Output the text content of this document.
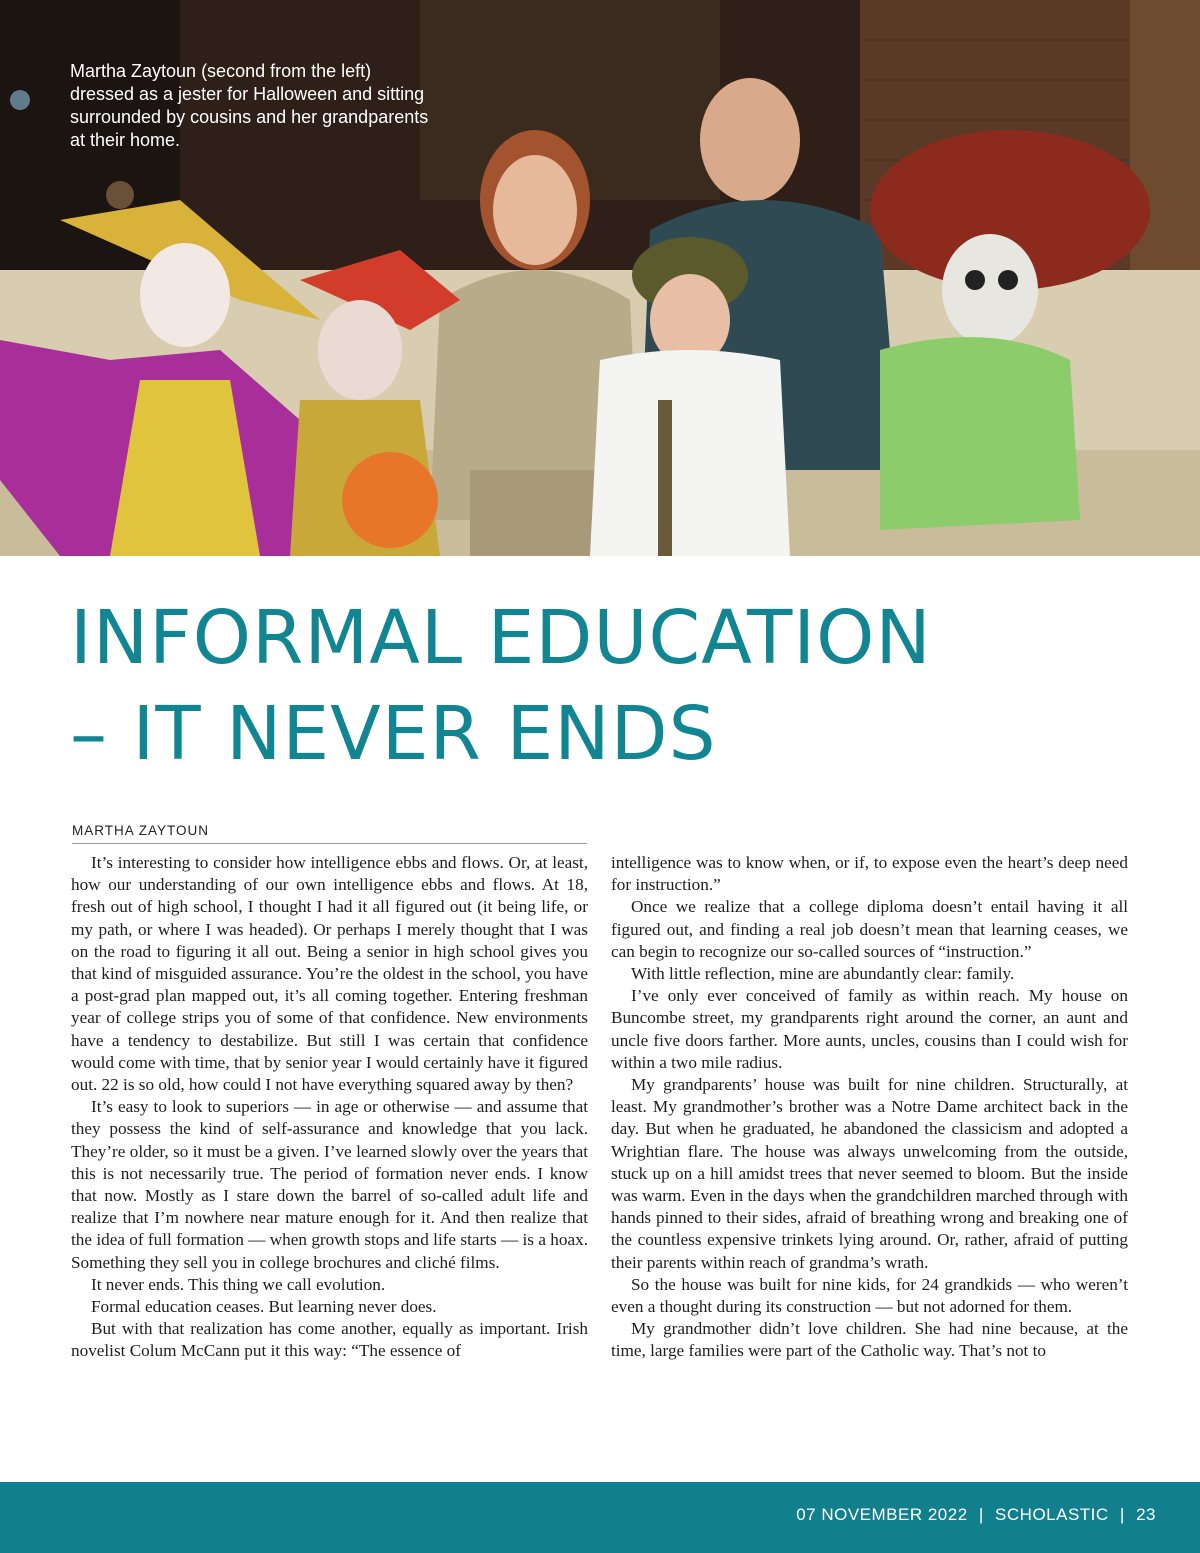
Martha Zaytoun (second from the left) dressed as a jester for Halloween and sitting surrounded by cousins and her grandparents at their home.

INFORMAL EDUCATION
– IT NEVER ENDS
MARTHA ZAYTOUN

It’s interesting to consider how intelligence ebbs and flows. Or, at least, how our understanding of our own intelligence ebbs and flows. At 18, fresh out of high school, I thought I had it all figured out (it being life, or my path, or where I was headed). Or perhaps I merely thought that I was on the road to figuring it all out. Being a senior in high school gives you that kind of misguided assurance. You’re the oldest in the school, you have a post-grad plan mapped out, it’s all coming together. Entering freshman year of college strips you of some of that confidence. New environments have a tendency to destabilize. But still I was certain that confidence would come with time, that by senior year I would certainly have it figured out. 22 is so old, how could I not have everything squared away by then?

It’s easy to look to superiors — in age or otherwise — and assume that they possess the kind of self-assurance and knowledge that you lack. They’re older, so it must be a given. I’ve learned slowly over the years that this is not necessarily true. The period of formation never ends. I know that now. Mostly as I stare down the barrel of so-called adult life and realize that I’m nowhere near mature enough for it. And then realize that the idea of full formation — when growth stops and life starts — is a hoax. Something they sell you in college brochures and cliché films.

It never ends. This thing we call evolution.

Formal education ceases. But learning never does.

But with that realization has come another, equally as important. Irish novelist Colum McCann put it this way: “The essence of

intelligence was to know when, or if, to expose even the heart’s deep need for instruction.”

Once we realize that a college diploma doesn’t entail having it all figured out, and finding a real job doesn’t mean that learning ceases, we can begin to recognize our so-called sources of “instruction.”

With little reflection, mine are abundantly clear: family.

I’ve only ever conceived of family as within reach. My house on Buncombe street, my grandparents right around the corner, an aunt and uncle five doors farther. More aunts, uncles, cousins than I could wish for within a two mile radius.

My grandparents’ house was built for nine children. Structurally, at least. My grandmother’s brother was a Notre Dame architect back in the day. But when he graduated, he abandoned the classicism and adopted a Wrightian flare. The house was always unwelcoming from the outside, stuck up on a hill amidst trees that never seemed to bloom. But the inside was warm. Even in the days when the grandchildren marched through with hands pinned to their sides, afraid of breathing wrong and breaking one of the countless expensive trinkets lying around. Or, rather, afraid of putting their parents within reach of grandma’s wrath.

So the house was built for nine kids, for 24 grandkids — who weren’t even a thought during its construction — but not adorned for them.

My grandmother didn’t love children. She had nine because, at the time, large families were part of the Catholic way. That’s not to

07 NOVEMBER 2022 | SCHOLASTIC | 23
